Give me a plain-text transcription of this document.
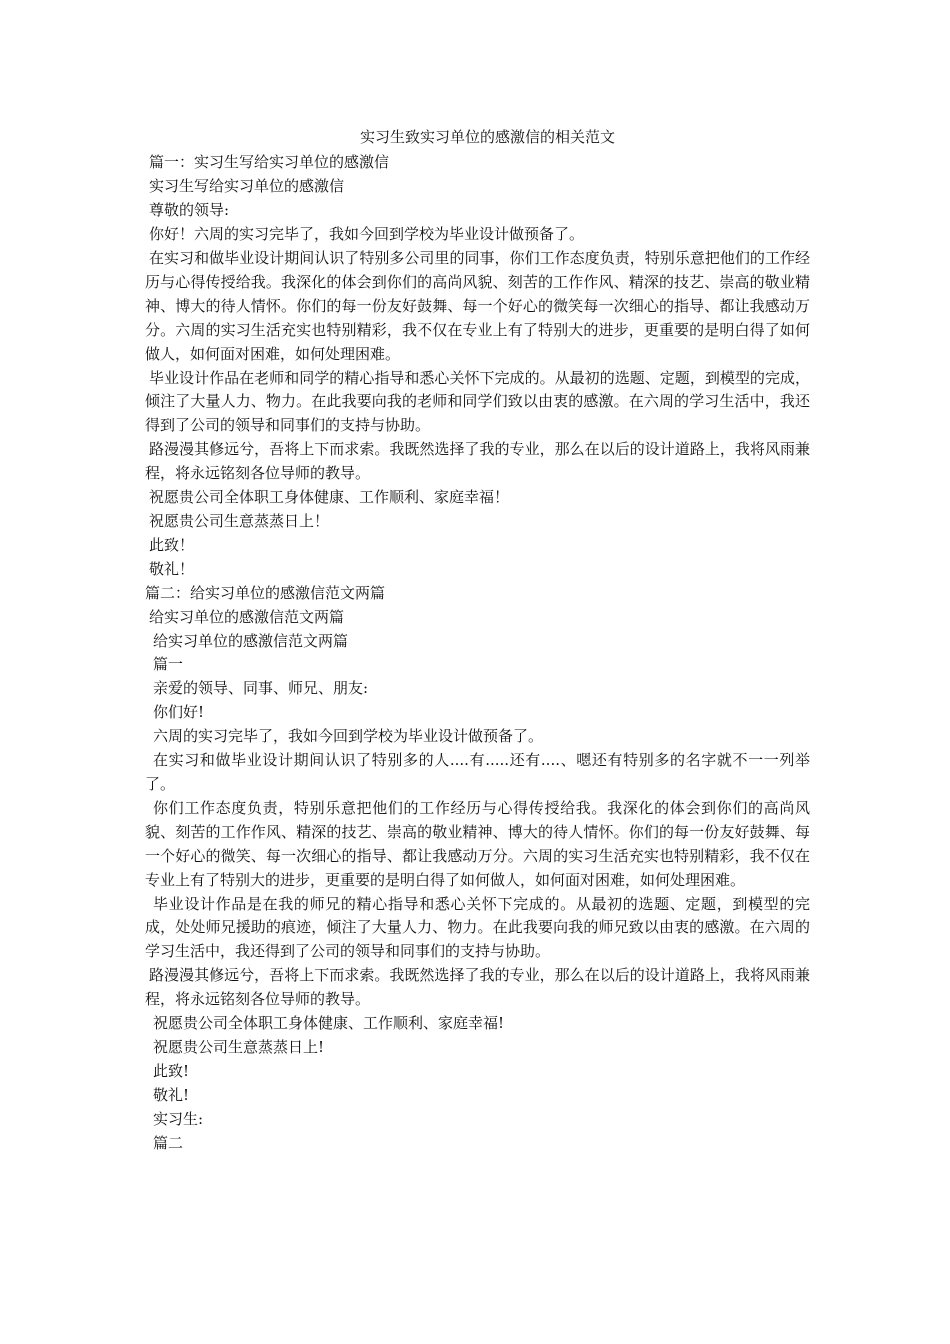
实习生致实习单位的感激信的相关范文

篇一：实习生写给实习单位的感激信

实习生写给实习单位的感激信

尊敬的领导:

你好！六周的实习完毕了，我如今回到学校为毕业设计做预备了。

在实习和做毕业设计期间认识了特别多公司里的同事，你们工作态度负责，特别乐意把他们的工作经历与心得传授给我。我深化的体会到你们的高尚风貌、刻苦的工作作风、精深的技艺、崇高的敬业精神、博大的待人情怀。你们的每一份友好鼓舞、每一个好心的微笑每一次细心的指导、都让我感动万分。六周的实习生活充实也特别精彩，我不仅在专业上有了特别大的进步，更重要的是明白得了如何做人，如何面对困难，如何处理困难。

毕业设计作品在老师和同学的精心指导和悉心关怀下完成的。从最初的选题、定题，到模型的完成，倾注了大量人力、物力。在此我要向我的老师和同学们致以由衷的感激。在六周的学习生活中，我还得到了公司的领导和同事们的支持与协助。

路漫漫其修远兮，吾将上下而求索。我既然选择了我的专业，那么在以后的设计道路上，我将风雨兼程，将永远铭刻各位导师的教导。

祝愿贵公司全体职工身体健康、工作顺利、家庭幸福！

祝愿贵公司生意蒸蒸日上！

此致！

敬礼！

篇二：给实习单位的感激信范文两篇

给实习单位的感激信范文两篇

给实习单位的感激信范文两篇

篇一

亲爱的领导、同事、师兄、朋友:

你们好!

六周的实习完毕了，我如今回到学校为毕业设计做预备了。

在实习和做毕业设计期间认识了特别多的人....有.....还有....、嗯还有特别多的名字就不一一列举了。

你们工作态度负责，特别乐意把他们的工作经历与心得传授给我。我深化的体会到你们的高尚风貌、刻苦的工作作风、精深的技艺、崇高的敬业精神、博大的待人情怀。你们的每一份友好鼓舞、每一个好心的微笑、每一次细心的指导、都让我感动万分。六周的实习生活充实也特别精彩，我不仅在专业上有了特别大的进步，更重要的是明白得了如何做人，如何面对困难，如何处理困难。

毕业设计作品是在我的师兄的精心指导和悉心关怀下完成的。从最初的选题、定题，到模型的完成，处处师兄援助的痕迹，倾注了大量人力、物力。在此我要向我的师兄致以由衷的感激。在六周的学习生活中，我还得到了公司的领导和同事们的支持与协助。

路漫漫其修远兮，吾将上下而求索。我既然选择了我的专业，那么在以后的设计道路上，我将风雨兼程，将永远铭刻各位导师的教导。

祝愿贵公司全体职工身体健康、工作顺利、家庭幸福!

祝愿贵公司生意蒸蒸日上!

此致!

敬礼!

实习生:

篇二
